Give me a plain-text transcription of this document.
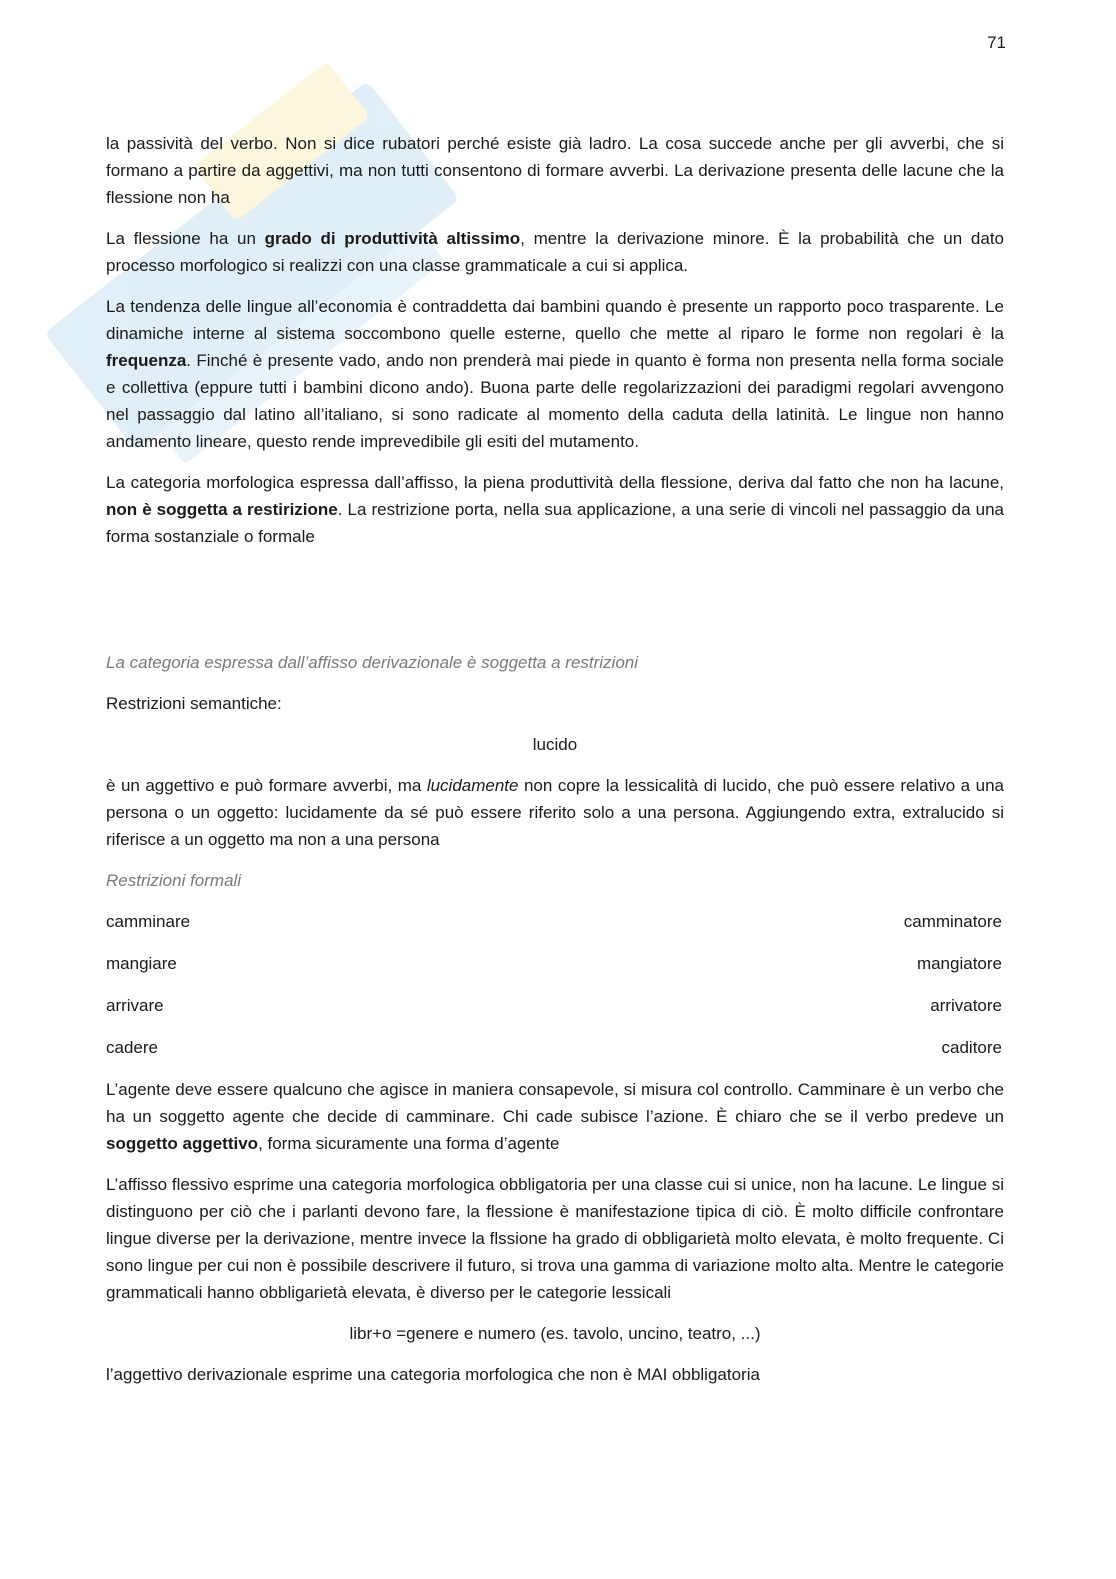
71

la passività del verbo. Non si dice rubatori perché esiste già ladro. La cosa succede anche per gli avverbi, che si formano a partire da aggettivi, ma non tutti consentono di formare avverbi. La derivazione presenta delle lacune che la flessione non ha

La flessione ha un grado di produttività altissimo, mentre la derivazione minore. È la probabilità che un dato processo morfologico si realizzi con una classe grammaticale a cui si applica.

La tendenza delle lingue all’economia è contraddetta dai bambini quando è presente un rapporto poco trasparente. Le dinamiche interne al sistema soccombono quelle esterne, quello che mette al riparo le forme non regolari è la frequenza. Finché è presente vado, ando non prenderà mai piede in quanto è forma non presenta nella forma sociale e collettiva (eppure tutti i bambini dicono ando). Buona parte delle regolarizzazioni dei paradigmi regolari avvengono nel passaggio dal latino all’italiano, si sono radicate al momento della caduta della latinità. Le lingue non hanno andamento lineare, questo rende imprevedibile gli esiti del mutamento.

La categoria morfologica espressa dall’affisso, la piena produttività della flessione, deriva dal fatto che non ha lacune, non è soggetta a restirizione. La restrizione porta, nella sua applicazione, a una serie di vincoli nel passaggio da una forma sostanziale o formale

La categoria espressa dall’affisso derivazionale è soggetta a restrizioni

Restrizioni semantiche:

lucido

è un aggettivo e può formare avverbi, ma lucidamente non copre la lessicalità di lucido, che può essere relativo a una persona o un oggetto: lucidamente da sé può essere riferito solo a una persona. Aggiungendo extra, extralucido si riferisce a un oggetto ma non a una persona

Restrizioni formali

camminare	camminatore
mangiare	mangiatore
arrivare	arrivatore
cadere	caditore

L’agente deve essere qualcuno che agisce in maniera consapevole, si misura col controllo. Camminare è un verbo che ha un soggetto agente che decide di camminare. Chi cade subisce l’azione. È chiaro che se il verbo predeve un soggetto aggettivo, forma sicuramente una forma d’agente

L’affisso flessivo esprime una categoria morfologica obbligatoria per una classe cui si unice, non ha lacune. Le lingue si distinguono per ciò che i parlanti devono fare, la flessione è manifestazione tipica di ciò. È molto difficile confrontare lingue diverse per la derivazione, mentre invece la flssione ha grado di obbligarietà molto elevata, è molto frequente. Ci sono lingue per cui non è possibile descrivere il futuro, si trova una gamma di variazione molto alta. Mentre le categorie grammaticali hanno obbligarietà elevata, è diverso per le categorie lessicali

libr+o =genere e numero (es. tavolo, uncino, teatro, ...)

l’aggettivo derivazionale esprime una categoria morfologica che non è MAI obbligatoria
